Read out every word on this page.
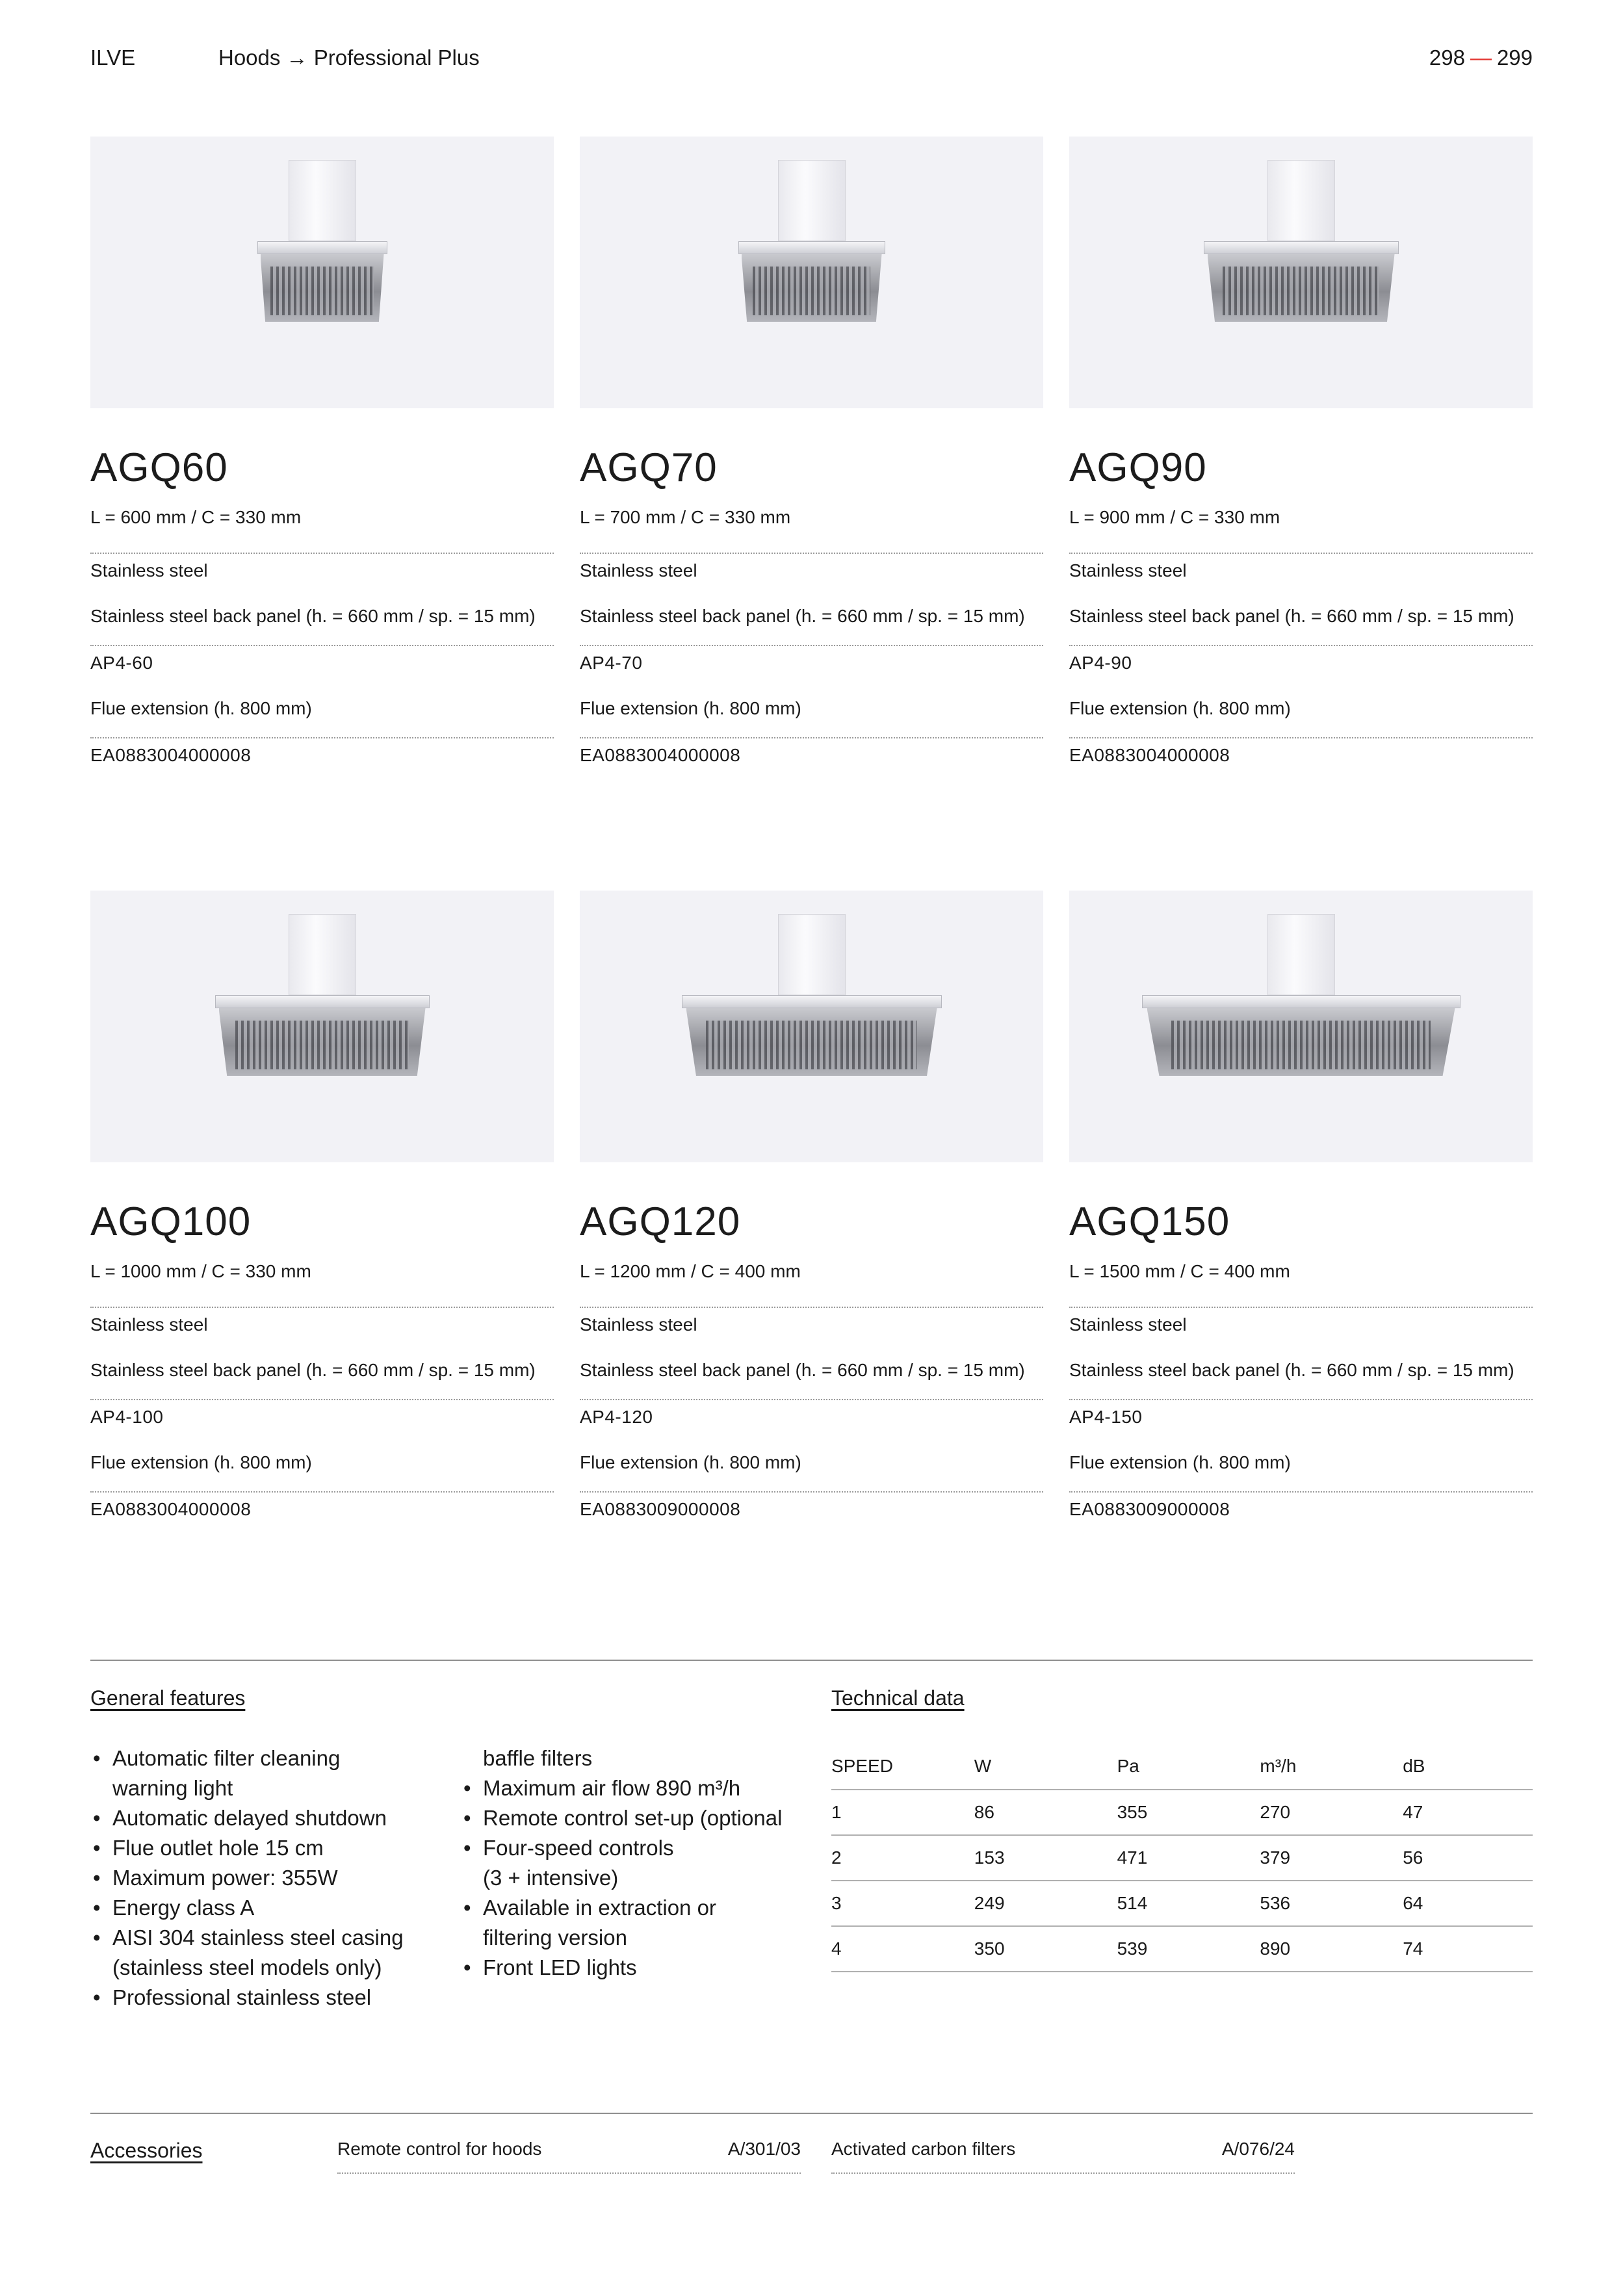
ILVE	Hoods → Professional Plus	298 — 299
AGQ60
L = 600 mm / C = 330 mm
Stainless steel
Stainless steel back panel (h. = 660 mm / sp. = 15 mm)
AP4-60
Flue extension (h. 800 mm)
EA0883004000008
AGQ70
L = 700 mm / C = 330 mm
Stainless steel
Stainless steel back panel (h. = 660 mm / sp. = 15 mm)
AP4-70
Flue extension (h. 800 mm)
EA0883004000008
AGQ90
L = 900 mm / C = 330 mm
Stainless steel
Stainless steel back panel (h. = 660 mm / sp. = 15 mm)
AP4-90
Flue extension (h. 800 mm)
EA0883004000008
AGQ100
L = 1000 mm / C = 330 mm
Stainless steel
Stainless steel back panel (h. = 660 mm / sp. = 15 mm)
AP4-100
Flue extension (h. 800 mm)
EA0883004000008
AGQ120
L = 1200 mm / C = 400 mm
Stainless steel
Stainless steel back panel (h. = 660 mm / sp. = 15 mm)
AP4-120
Flue extension (h. 800 mm)
EA0883009000008
AGQ150
L = 1500 mm / C = 400 mm
Stainless steel
Stainless steel back panel (h. = 660 mm / sp. = 15 mm)
AP4-150
Flue extension (h. 800 mm)
EA0883009000008
General features
• Automatic filter cleaning
warning light
• Automatic delayed shutdown
• Flue outlet hole 15 cm
• Maximum power: 355W
• Energy class A
• AISI 304 stainless steel casing
(stainless steel models only)
• Professional stainless steel
baffle filters
• Maximum air flow 890 m³/h
• Remote control set-up (optional
• Four-speed controls
(3 + intensive)
• Available in extraction or
filtering version
• Front LED lights
Technical data
SPEED	W	Pa	m³/h	dB
1	86	355	270	47
2	153	471	379	56
3	249	514	536	64
4	350	539	890	74
Accessories	Remote control for hoods	A/301/03 Activated carbon filters	A/076/24
